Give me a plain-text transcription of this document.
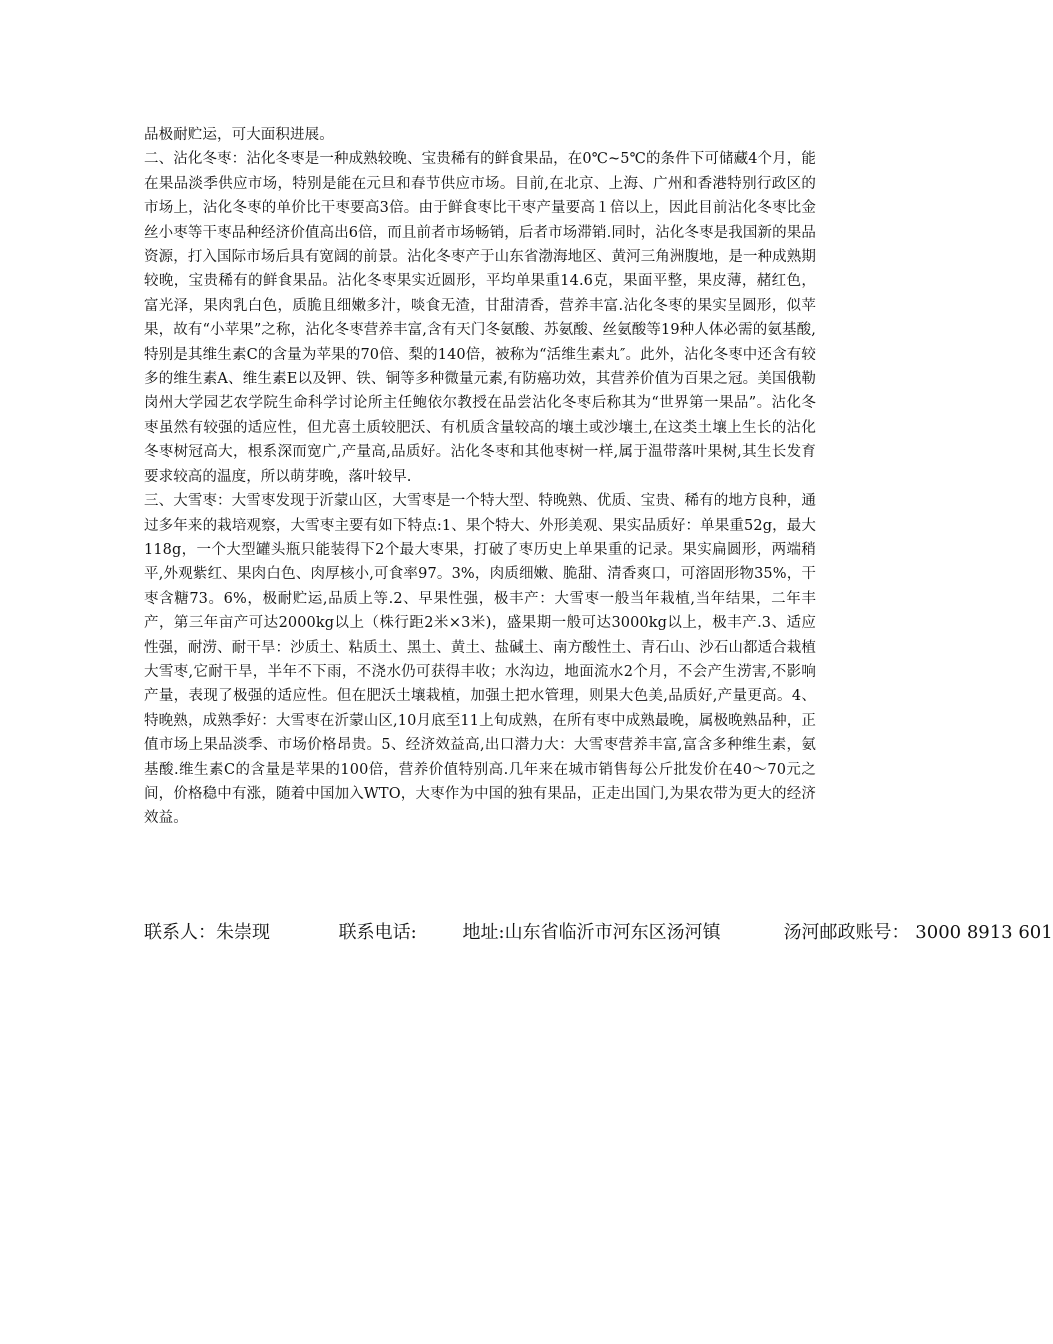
品极耐贮运，可大面积进展。

二、沾化冬枣：沾化冬枣是一种成熟较晚、宝贵稀有的鲜食果品，在0℃~5℃的条件下可储藏4个月，能在果品淡季供应市场，特别是能在元旦和春节供应市场。目前,在北京、上海、广州和香港特别行政区的市场上，沾化冬枣的单价比干枣要高3倍。由于鲜食枣比干枣产量要高１倍以上，因此目前沾化冬枣比金丝小枣等干枣品种经济价值高出6倍，而且前者市场畅销，后者市场滞销.同时，沾化冬枣是我国新的果品资源，打入国际市场后具有宽阔的前景。沾化冬枣产于山东省渤海地区、黄河三角洲腹地，是一种成熟期较晚，宝贵稀有的鲜食果品。沾化冬枣果实近圆形，平均单果重14.6克，果面平整，果皮薄，赭红色，富光泽，果肉乳白色，质脆且细嫩多汁，啖食无渣，甘甜清香，营养丰富.沾化冬枣的果实呈圆形，似苹果，故有“小苹果”之称，沾化冬枣营养丰富,含有天门冬氨酸、苏氨酸、丝氨酸等19种人体必需的氨基酸,特别是其维生素C的含量为苹果的70倍、梨的140倍，被称为“活维生素丸″。此外，沾化冬枣中还含有较多的维生素A、维生素E以及钾、铁、铜等多种微量元素,有防癌功效，其营养价值为百果之冠。美国俄勒岗州大学园艺农学院生命科学讨论所主任鲍依尔教授在品尝沾化冬枣后称其为“世界第一果品”。沾化冬枣虽然有较强的适应性，但尤喜土质较肥沃、有机质含量较高的壤土或沙壤土,在这类土壤上生长的沾化冬枣树冠高大，根系深而宽广,产量高,品质好。沾化冬枣和其他枣树一样,属于温带落叶果树,其生长发育要求较高的温度，所以萌芽晚，落叶较早.

三、大雪枣：大雪枣发现于沂蒙山区，大雪枣是一个特大型、特晚熟、优质、宝贵、稀有的地方良种，通过多年来的栽培观察，大雪枣主要有如下特点:1、果个特大、外形美观、果实品质好：单果重52g，最大118g，一个大型罐头瓶只能装得下2个最大枣果，打破了枣历史上单果重的记录。果实扁圆形，两端稍平,外观紫红、果肉白色、肉厚核小,可食率97。3%，肉质细嫩、脆甜、清香爽口，可溶固形物35%，干枣含糖73。6%，极耐贮运,品质上等.2、早果性强，极丰产：大雪枣一般当年栽植,当年结果，二年丰产，第三年亩产可达2000kg以上（株行距2米×3米)，盛果期一般可达3000kg以上，极丰产.3、适应性强，耐涝、耐干旱：沙质土、粘质土、黑土、黄土、盐碱土、南方酸性土、青石山、沙石山都适合栽植大雪枣,它耐干旱，半年不下雨，不浇水仍可获得丰收；水沟边，地面流水2个月，不会产生涝害,不影响产量，表现了极强的适应性。但在肥沃土壤栽植，加强土把水管理，则果大色美,品质好,产量更高。4、特晚熟，成熟季好：大雪枣在沂蒙山区,10月底至11上旬成熟，在所有枣中成熟最晚，属极晚熟品种，正值市场上果品淡季、市场价格昂贵。5、经济效益高,出口潜力大：大雪枣营养丰富,富含多种维生素，氨基酸.维生素C的含量是苹果的100倍，营养价值特别高.几年来在城市销售每公斤批发价在40～70元之间，价格稳中有涨，随着中国加入WTO，大枣作为中国的独有果品，正走出国门,为果农带为更大的经济效益。

联系人：朱崇现	联系电话:	地址:山东省临沂市河东区汤河镇	汤河邮政账号： 3000 8913 601
